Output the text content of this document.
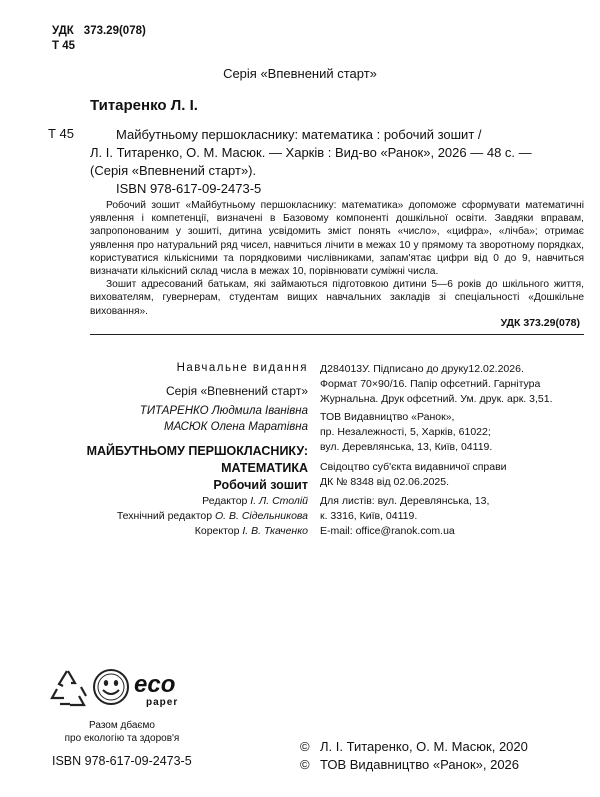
УДК 373.29(078)
Т 45
Серія «Впевнений старт»
Титаренко Л. І.
Т 45	Майбутньому першокласнику: математика : робочий зошит /
Л. І. Титаренко, О. М. Масюк. — Харків : Вид-во «Ранок», 2026 — 48 с. —
(Серія «Впевнений старт»).
ISBN 978-617-09-2473-5

Робочий зошит «Майбутньому першокласнику: математика» допоможе сформувати математичні уявлення і компетенції, визначені в Базовому компоненті дошкільної освіти. Завдяки вправам, запропонованим у зошиті, дитина усвідомить зміст понять «число», «цифра», «лічба»; отримає уявлення про натуральний ряд чисел, навчиться лічити в межах 10 у прямому та зворотному порядках, користуватися кількісними та порядковими числівниками, запам'ятає цифри від 0 до 9, навчиться визначати кількісний склад числа в межах 10, порівнювати суміжні числа.

Зошит адресований батькам, які займаються підготовкою дитини 5—6 років до шкільного життя, вихователям, гувернерам, студентам вищих навчальних закладів зі спеціальності «Дошкільне виховання».

УДК 373.29(078)
Навчальне видання
Серія «Впевнений старт»
ТИТАРЕНКО Людмила Іванівна
МАСЮК Олена Маратівна
МАЙБУТНЬОМУ ПЕРШОКЛАСНИКУ:
МАТЕМАТИКА
Робочий зошит
Редактор І. Л. Столій
Технічний редактор О. В. Сідельникова
Коректор І. В. Ткаченко
Д284013У. Підписано до друку12.02.2026.
Формат 70×90/16. Папір офсетний. Гарнітура Журнальна. Друк офсетний. Ум. друк. арк. 3,51.
ТОВ Видавництво «Ранок»,
пр. Незалежності, 5, Харків, 61022;
вул. Деревлянська, 13, Київ, 04119.
Свідоцтво суб'єкта видавничої справи
ДК № 8348 від 02.06.2025.
Для листів: вул. Деревлянська, 13,
к. 3316, Київ, 04119.
E-mail: office@ranok.com.ua
eco
paper
Разом дбаємо
про екологію та здоров'я
ISBN 978-617-09-2473-5
© Л. І. Титаренко, О. М. Масюк, 2020
© ТОВ Видавництво «Ранок», 2026
